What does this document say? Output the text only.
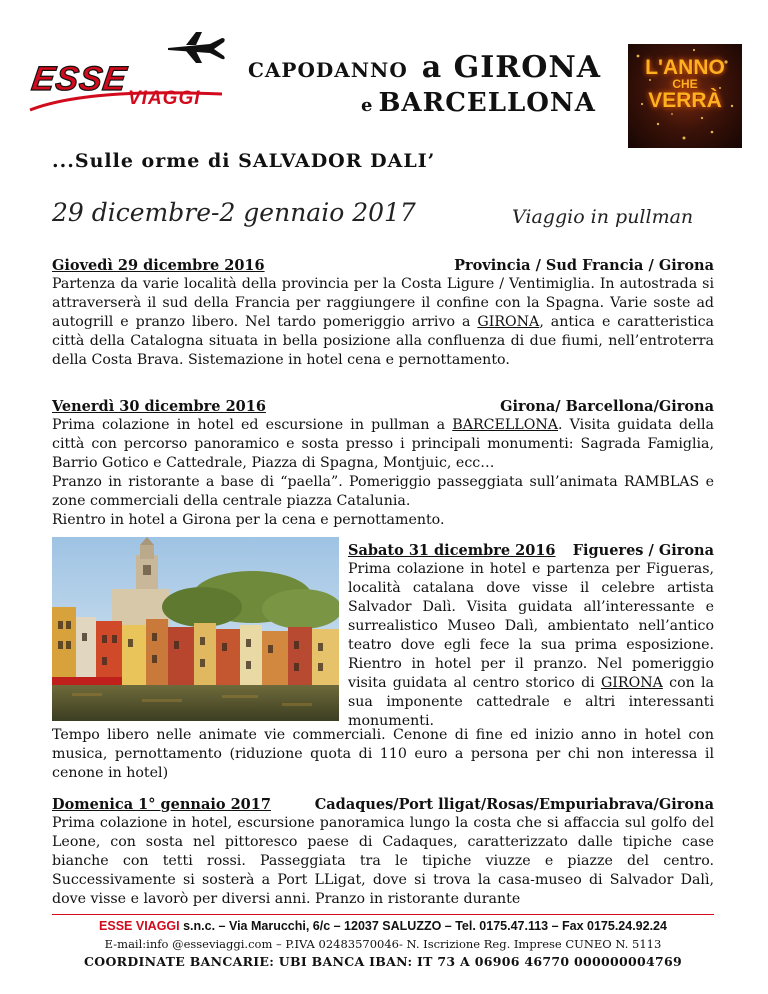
ESSE
VIAGGI
CAPODANNO a GIRONA
e BARCELLONA
L'ANNO
CHE
VERRÀ
...Sulle orme di SALVADOR DALI’
29 dicembre-2 gennaio 2017	Viaggio in pullman
Giovedì 29 dicembre 2016	Provincia / Sud Francia / Girona

Partenza da varie località della provincia per la Costa Ligure / Ventimiglia. In autostrada si attraverserà il sud della Francia per raggiungere il confine con la Spagna. Varie soste ad autogrill e pranzo libero. Nel tardo pomeriggio arrivo a GIRONA, antica e caratteristica città della Catalogna situata in bella posizione alla confluenza di due fiumi, nell’entroterra della Costa Brava. Sistemazione in hotel cena e pernottamento.

Venerdì 30 dicembre 2016	Girona/ Barcellona/Girona

Prima colazione in hotel ed escursione in pullman a BARCELLONA. Visita guidata della città con percorso panoramico e sosta presso i principali monumenti: Sagrada Famiglia, Barrio Gotico e Cattedrale, Piazza di Spagna, Montjuic, ecc…

Pranzo in ristorante a base di “paella”. Pomeriggio passeggiata sull’animata RAMBLAS e zone commerciali della centrale piazza Catalunia.

Rientro in hotel a Girona per la cena e pernottamento.

Sabato 31 dicembre 2016 Figueres / Girona

Prima colazione in hotel e partenza per Figueras, località catalana dove visse il celebre artista Salvador Dalì. Visita guidata all’interessante e surrealistico Museo Dalì, ambientato nell’antico teatro dove egli fece la sua prima esposizione. Rientro in hotel per il pranzo. Nel pomeriggio visita guidata al centro storico di GIRONA con la sua imponente cattedrale e altri interessanti monumenti.

Tempo libero nelle animate vie commerciali. Cenone di fine ed inizio anno in hotel con musica, pernottamento (riduzione quota di 110 euro a persona per chi non interessa il cenone in hotel)
Domenica 1° gennaio 2017	Cadaques/Port lligat/Rosas/Empuriabrava/Girona

Prima colazione in hotel, escursione panoramica lungo la costa che si affaccia sul golfo del Leone, con sosta nel pittoresco paese di Cadaques, caratterizzato dalle tipiche case bianche con tetti rossi. Passeggiata tra le tipiche viuzze e piazze del centro. Successivamente si sosterà a Port LLigat, dove si trova la casa-museo di Salvador Dalì, dove visse e lavorò per diversi anni. Pranzo in ristorante durante

ESSE VIAGGI s.n.c. – Via Marucchi, 6/c – 12037 SALUZZO – Tel. 0175.47.113 – Fax 0175.24.92.24
E-mail:info @esseviaggi.com – P.IVA 02483570046- N. Iscrizione Reg. Imprese CUNEO N. 5113
COORDINATE BANCARIE: UBI BANCA IBAN: IT 73 A 06906 46770 000000004769
